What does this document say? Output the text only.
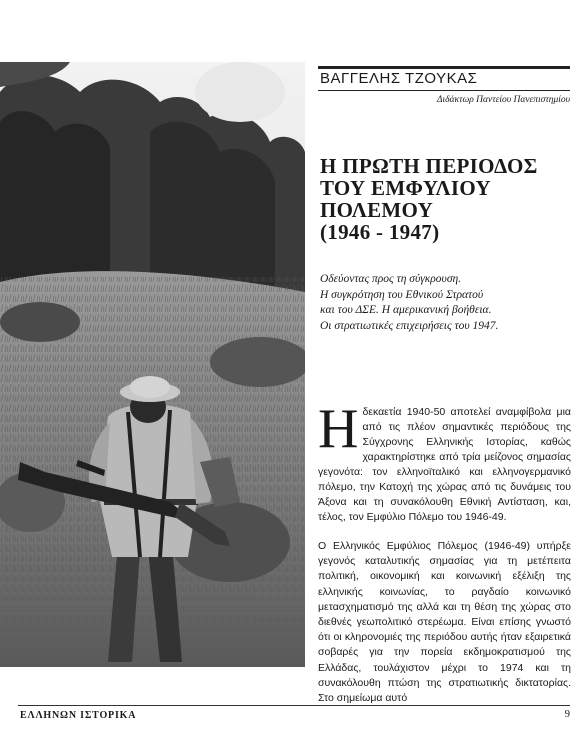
ΒΑΓΓΕΛΗΣ ΤΖΟΥΚΑΣ
Διδάκτωρ Παντείου Πανεπιστημίου
Η ΠΡΩΤΗ ΠΕΡΙΟΔΟΣ
ΤΟΥ ΕΜΦΥΛΙΟΥ
ΠΟΛΕΜΟΥ
(1946 - 1947)
Οδεύοντας προς τη σύγκρουση.
Η συγκρότηση του Εθνικού Στρατού
και του ΔΣΕ. Η αμερικανική βοήθεια.
Οι στρατιωτικές επιχειρήσεις του 1947.
Ηδεκαετία 1940-50 αποτελεί αναμφίβολα μια από τις πλέον σημαντικές περιόδους της Σύγχρονης Ελληνικής Ιστορίας, καθώς χαρακτηρίστηκε από τρία μείζονος σημασίας γεγονότα: τον ελληνοϊταλικό και ελληνογερμανικό πόλεμο, την Κατοχή της χώρας από τις δυνάμεις του Άξονα και τη συνακόλουθη Εθνική Αντίσταση, και, τέλος, τον Εμφύλιο Πόλεμο του 1946-49.
Ο Ελληνικός Εμφύλιος Πόλεμος (1946-49) υπήρξε γεγονός καταλυτικής σημασίας για τη μετέπειτα πολιτική, οικονομική και κοινωνική εξέλιξη της ελληνικής κοινωνίας, το ραγδαίο κοινωνικό μετασχηματισμό της αλλά και τη θέση της χώρας στο διεθνές γεωπολιτικό στερέωμα. Είναι επίσης γνωστό ότι οι κληρονομιές της περιόδου αυτής ήταν εξαιρετικά σοβαρές για την πορεία εκδημοκρατισμού της Ελλάδας, τουλάχιστον μέχρι το 1974 και τη συνακόλουθη πτώση της στρατιωτικής δικτατορίας. Στο σημείωμα αυτό
ΕΛΛΗΝΩΝ ΙΣΤΟΡΙΚΑ	9
